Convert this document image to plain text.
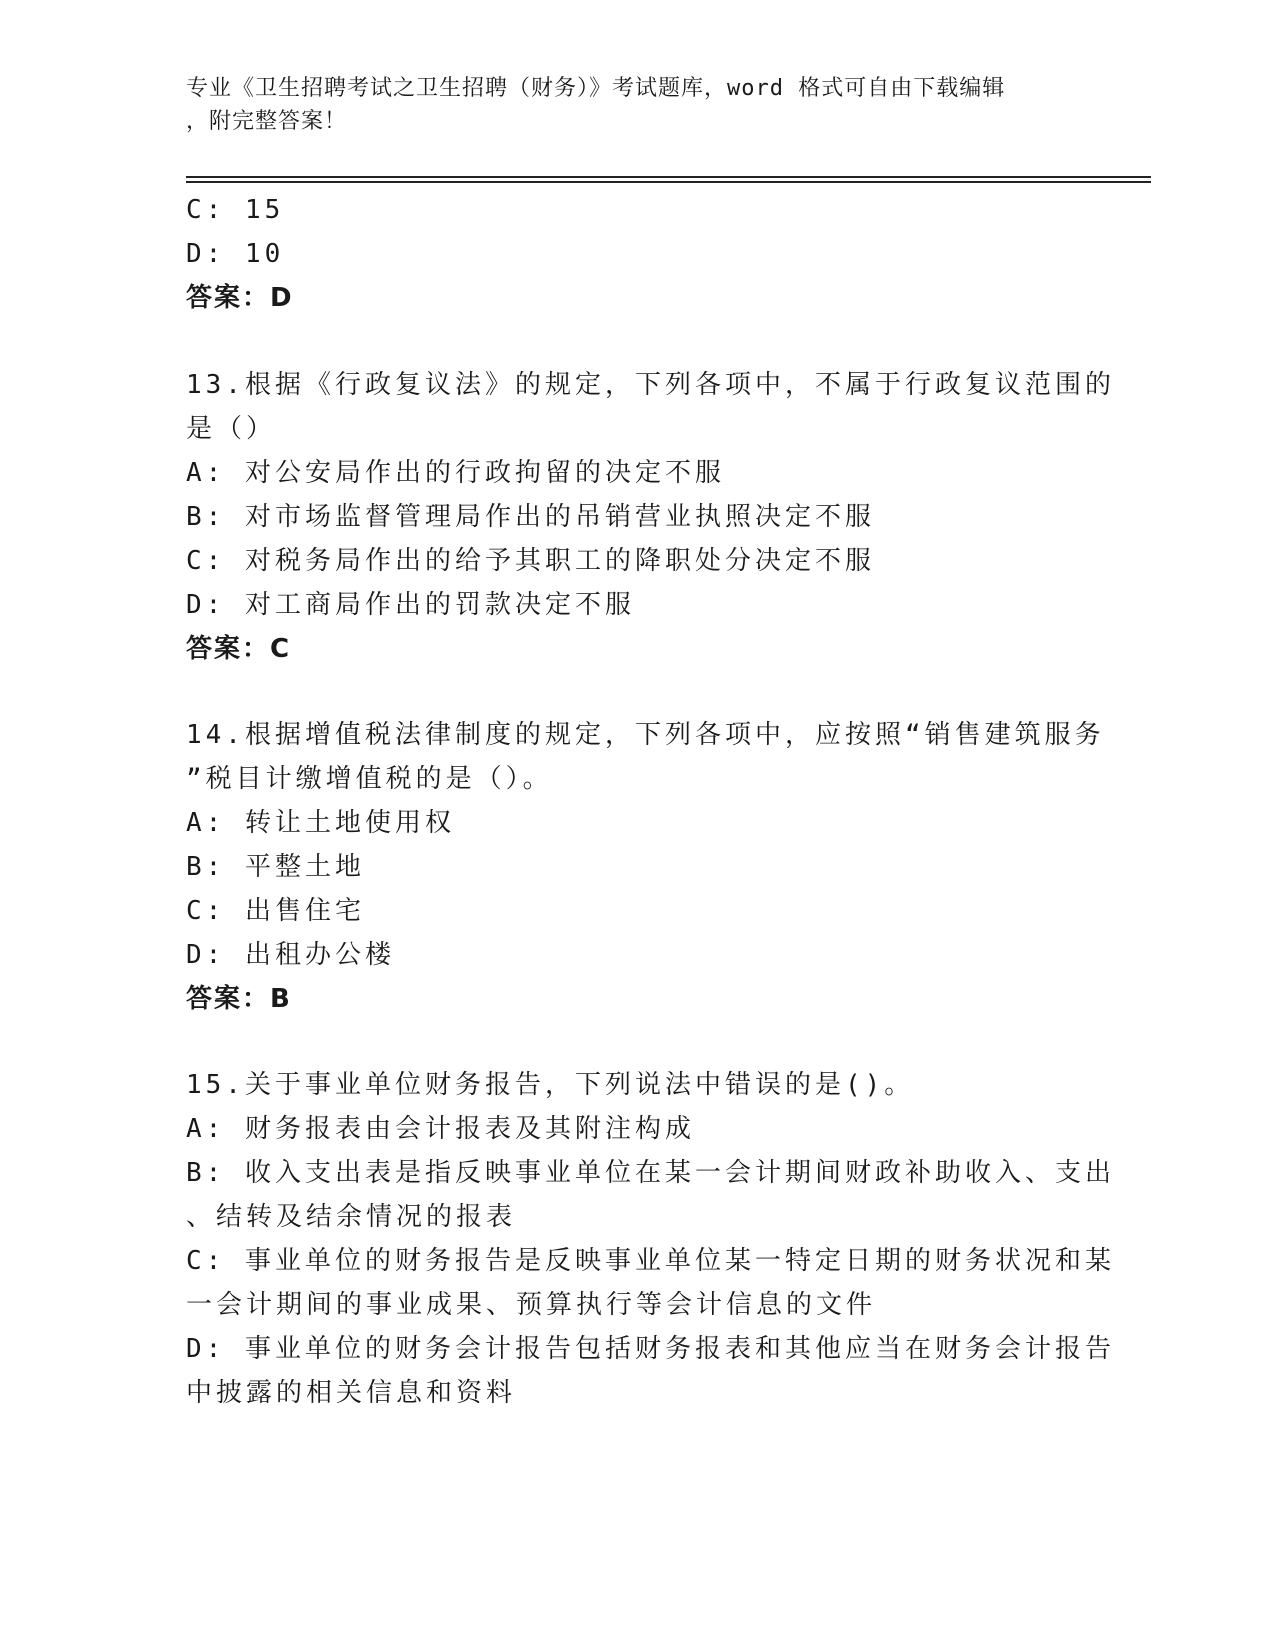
专业《卫生招聘考试之卫生招聘（财务）》考试题库，word 格式可自由下载编辑
，附完整答案！
C: 15
D: 10
答案：D
13.根据《行政复议法》的规定，下列各项中，不属于行政复议范围的
是（）
A: 对公安局作出的行政拘留的决定不服
B: 对市场监督管理局作出的吊销营业执照决定不服
C: 对税务局作出的给予其职工的降职处分决定不服
D: 对工商局作出的罚款决定不服
答案：C
14.根据增值税法律制度的规定，下列各项中，应按照“销售建筑服务
”税目计缴增值税的是（）。
A: 转让土地使用权
B: 平整土地
C: 出售住宅
D: 出租办公楼
答案：B
15.关于事业单位财务报告，下列说法中错误的是()。
A: 财务报表由会计报表及其附注构成
B: 收入支出表是指反映事业单位在某一会计期间财政补助收入、支出
、结转及结余情况的报表
C: 事业单位的财务报告是反映事业单位某一特定日期的财务状况和某
一会计期间的事业成果、预算执行等会计信息的文件
D: 事业单位的财务会计报告包括财务报表和其他应当在财务会计报告
中披露的相关信息和资料
